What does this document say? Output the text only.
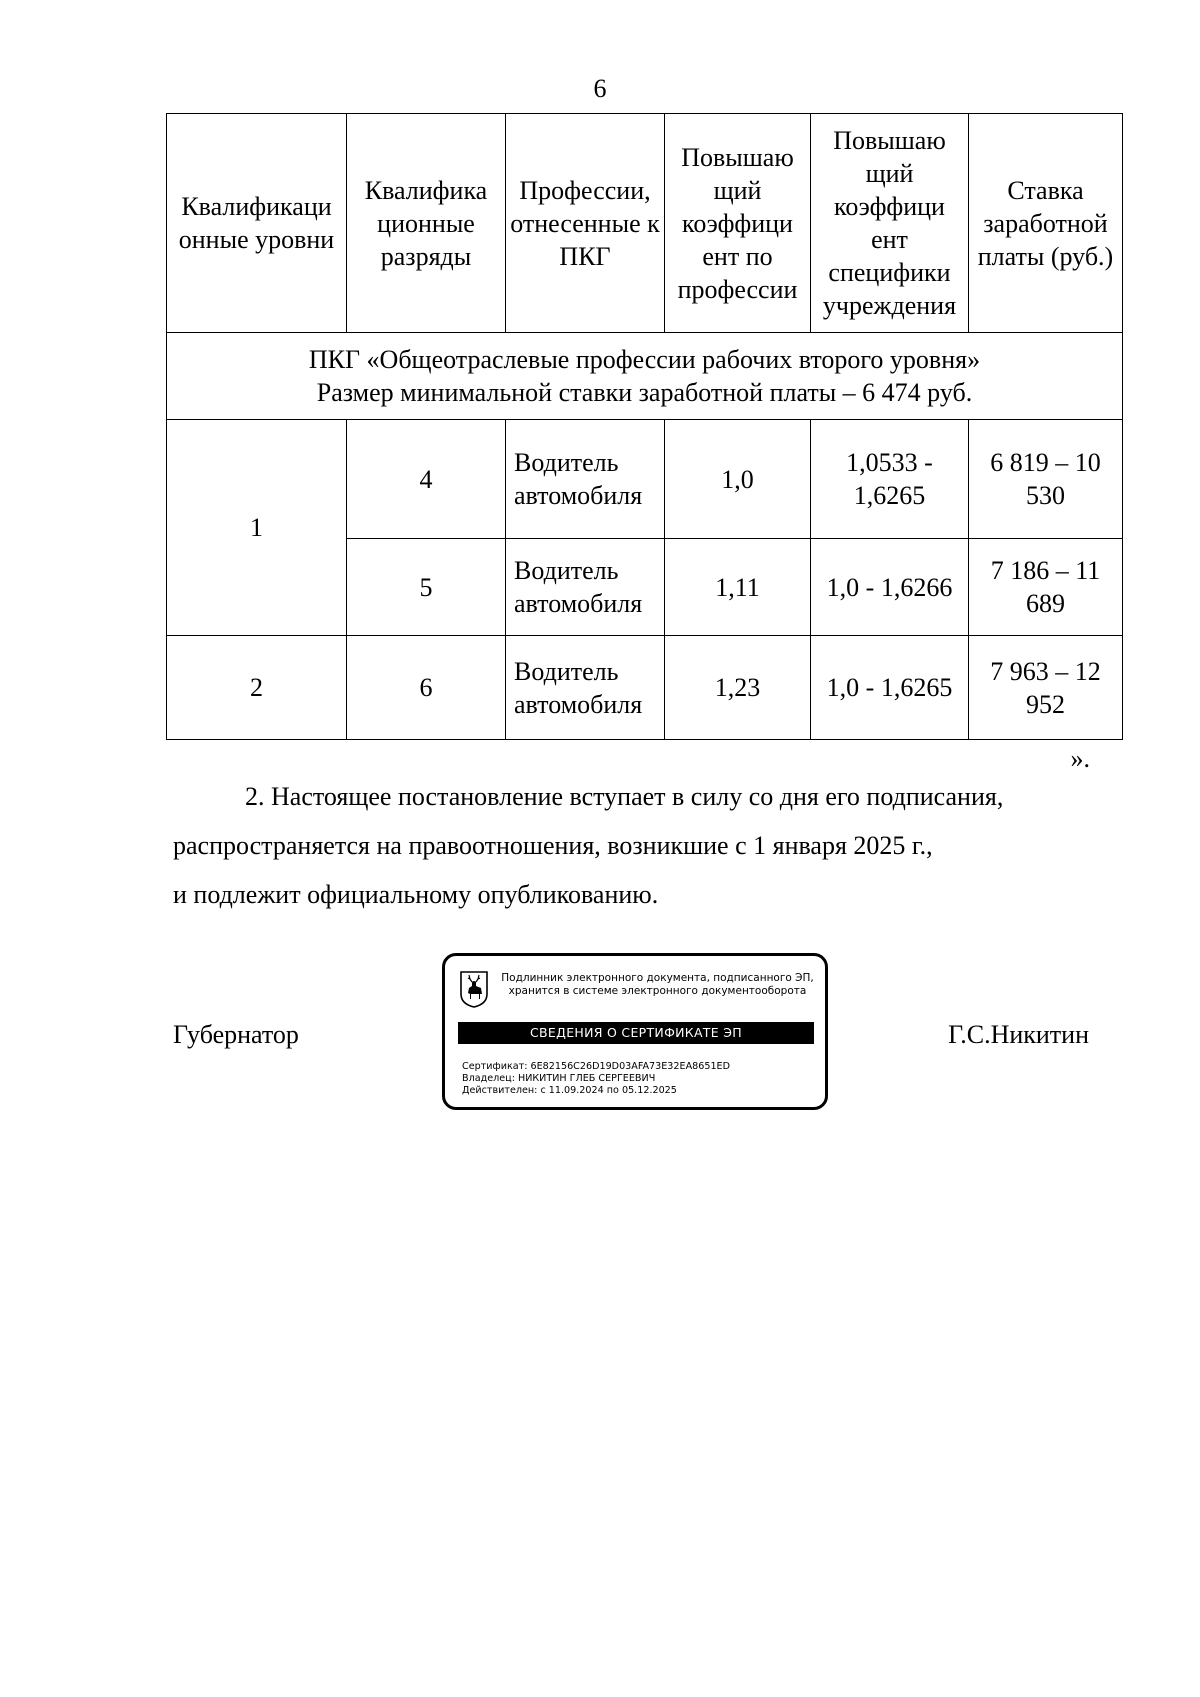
6
Квалификаци онные уровни	Квалифика ционные разряды	Профессии, отнесенные к ПКГ	Повышаю щий коэффици ент по профессии	Повышаю щий коэффици ент специфики учреждения	Ставка заработной платы (руб.)

ПКГ «Общеотраслевые профессии рабочих второго уровня»
Размер минимальной ставки заработной платы – 6 474 руб.					

1	4	Водитель автомобиля	1,0	1,0533 - 1,6265	6 819 – 10 530
	5	Водитель автомобиля	1,11	1,0 - 1,6266	7 186 – 11 689
2	6	Водитель автомобиля	1,23	1,0 - 1,6265	7 963 – 12 952
».
2. Настоящее постановление вступает в силу со дня его подписания,
распространяется на правоотношения, возникшие с 1 января 2025 г.,
и подлежит официальному опубликованию.
Губернатор	Г.С.Никитин
Подлинник электронного документа, подписанного ЭП,
хранится в системе электронного документооборота
СВЕДЕНИЯ О СЕРТИФИКАТЕ ЭП
Сертификат: 6E82156C26D19D03AFA73E32EA8651ED
Владелец: НИКИТИН ГЛЕБ СЕРГЕЕВИЧ
Действителен: с 11.09.2024 по 05.12.2025
